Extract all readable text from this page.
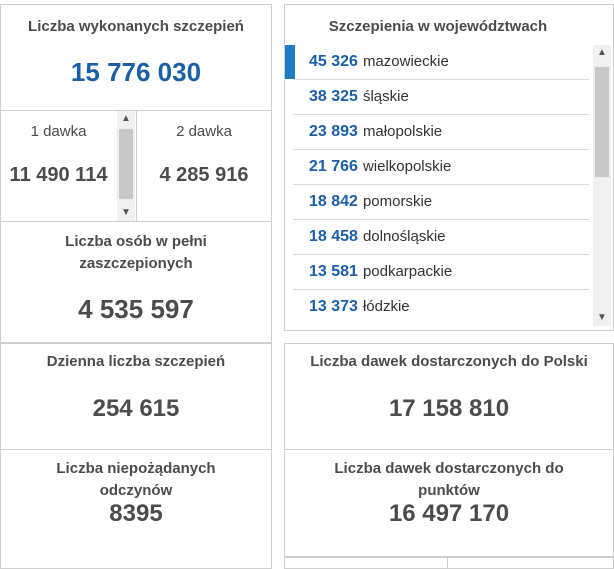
Liczba wykonanych szczepień
15 776 030
1 dawka
11 490 114
▲
▼
2 dawka
4 285 916
Liczba osób w pełni zaszczepionych
4 535 597
Dzienna liczba szczepień
254 615
Liczba niepożądanych odczynów
8395
Szczepienia w województwach
45 326 mazowieckie
38 325 śląskie
23 893 małopolskie
21 766 wielkopolskie
18 842 pomorskie
18 458 dolnośląskie
13 581 podkarpackie
13 373 łódzkie
▲
▼
Liczba dawek dostarczonych do Polski
17 158 810
Liczba dawek dostarczonych do punktów
16 497 170
